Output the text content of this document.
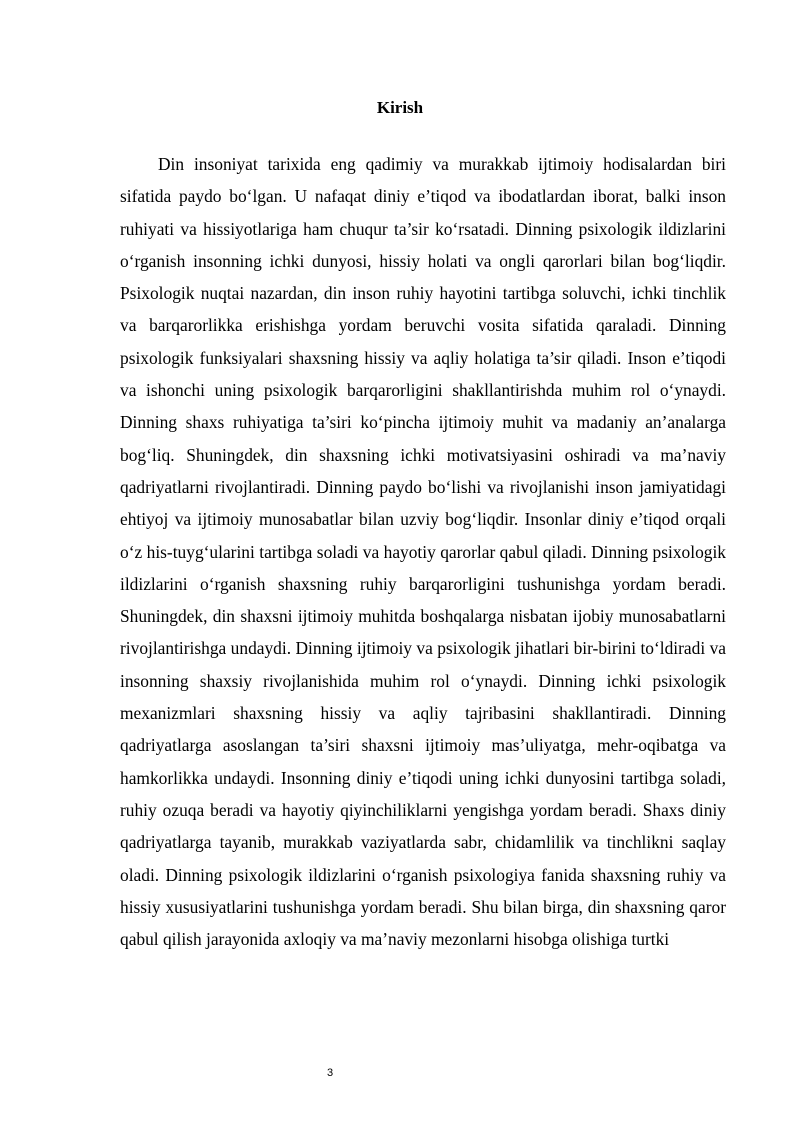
Kirish

Din insoniyat tarixida eng qadimiy va murakkab ijtimoiy hodisalardan biri sifatida paydo bo‘lgan. U nafaqat diniy e’tiqod va ibodatlardan iborat, balki inson ruhiyati va hissiyotlariga ham chuqur ta’sir ko‘rsatadi. Dinning psixologik ildizlarini o‘rganish insonning ichki dunyosi, hissiy holati va ongli qarorlari bilan bog‘liqdir. Psixologik nuqtai nazardan, din inson ruhiy hayotini tartibga soluvchi, ichki tinchlik va barqarorlikka erishishga yordam beruvchi vosita sifatida qaraladi. Dinning psixologik funksiyalari shaxsning hissiy va aqliy holatiga ta’sir qiladi. Inson e’tiqodi va ishonchi uning psixologik barqarorligini shakllantirishda muhim rol o‘ynaydi. Dinning shaxs ruhiyatiga ta’siri ko‘pincha ijtimoiy muhit va madaniy an’analarga bog‘liq. Shuningdek, din shaxsning ichki motivatsiyasini oshiradi va ma’naviy qadriyatlarni rivojlantiradi. Dinning paydo bo‘lishi va rivojlanishi inson jamiyatidagi ehtiyoj va ijtimoiy munosabatlar bilan uzviy bog‘liqdir. Insonlar diniy e’tiqod orqali o‘z his-tuyg‘ularini tartibga soladi va hayotiy qarorlar qabul qiladi. Dinning psixologik ildizlarini o‘rganish shaxsning ruhiy barqarorligini tushunishga yordam beradi. Shuningdek, din shaxsni ijtimoiy muhitda boshqalarga nisbatan ijobiy munosabatlarni rivojlantirishga undaydi. Dinning ijtimoiy va psixologik jihatlari bir-birini to‘ldiradi va insonning shaxsiy rivojlanishida muhim rol o‘ynaydi. Dinning ichki psixologik mexanizmlari shaxsning hissiy va aqliy tajribasini shakllantiradi. Dinning qadriyatlarga asoslangan ta’siri shaxsni ijtimoiy mas’uliyatga, mehr-oqibatga va hamkorlikka undaydi. Insonning diniy e’tiqodi uning ichki dunyosini tartibga soladi, ruhiy ozuqa beradi va hayotiy qiyinchiliklarni yengishga yordam beradi. Shaxs diniy qadriyatlarga tayanib, murakkab vaziyatlarda sabr, chidamlilik va tinchlikni saqlay oladi. Dinning psixologik ildizlarini o‘rganish psixologiya fanida shaxsning ruhiy va hissiy xususiyatlarini tushunishga yordam beradi. Shu bilan birga, din shaxsning qaror qabul qilish jarayonida axloqiy va ma’naviy mezonlarni hisobga olishiga turtki

3
